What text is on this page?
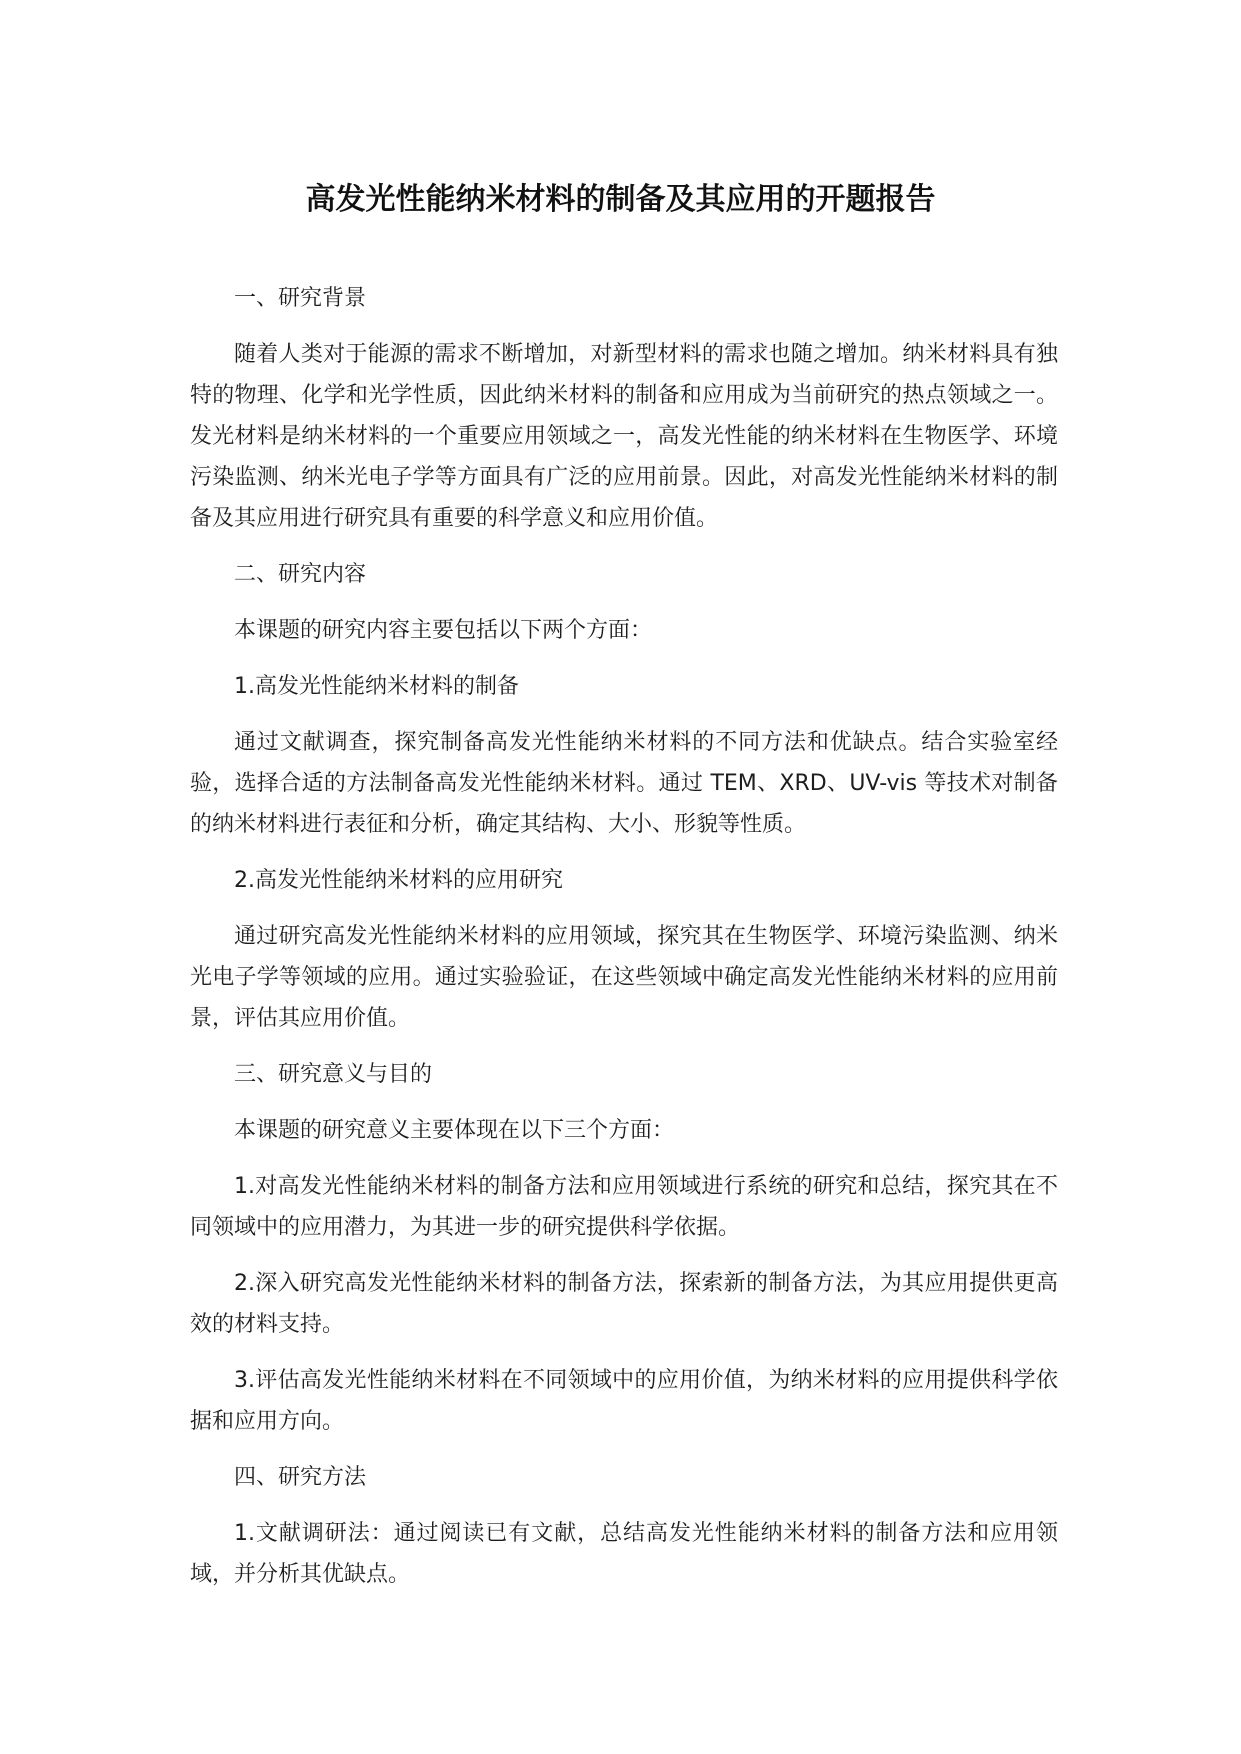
高发光性能纳米材料的制备及其应用的开题报告

一、研究背景

随着人类对于能源的需求不断增加，对新型材料的需求也随之增加。纳米材料具有独特的物理、化学和光学性质，因此纳米材料的制备和应用成为当前研究的热点领域之一。发光材料是纳米材料的一个重要应用领域之一，高发光性能的纳米材料在生物医学、环境污染监测、纳米光电子学等方面具有广泛的应用前景。因此，对高发光性能纳米材料的制备及其应用进行研究具有重要的科学意义和应用价值。

二、研究内容

本课题的研究内容主要包括以下两个方面：

1.高发光性能纳米材料的制备

通过文献调查，探究制备高发光性能纳米材料的不同方法和优缺点。结合实验室经验，选择合适的方法制备高发光性能纳米材料。通过 TEM、XRD、UV-vis 等技术对制备的纳米材料进行表征和分析，确定其结构、大小、形貌等性质。

2.高发光性能纳米材料的应用研究

通过研究高发光性能纳米材料的应用领域，探究其在生物医学、环境污染监测、纳米光电子学等领域的应用。通过实验验证，在这些领域中确定高发光性能纳米材料的应用前景，评估其应用价值。

三、研究意义与目的

本课题的研究意义主要体现在以下三个方面：

1.对高发光性能纳米材料的制备方法和应用领域进行系统的研究和总结，探究其在不同领域中的应用潜力，为其进一步的研究提供科学依据。

2.深入研究高发光性能纳米材料的制备方法，探索新的制备方法，为其应用提供更高效的材料支持。

3.评估高发光性能纳米材料在不同领域中的应用价值，为纳米材料的应用提供科学依据和应用方向。

四、研究方法

1.文献调研法：通过阅读已有文献，总结高发光性能纳米材料的制备方法和应用领域，并分析其优缺点。
